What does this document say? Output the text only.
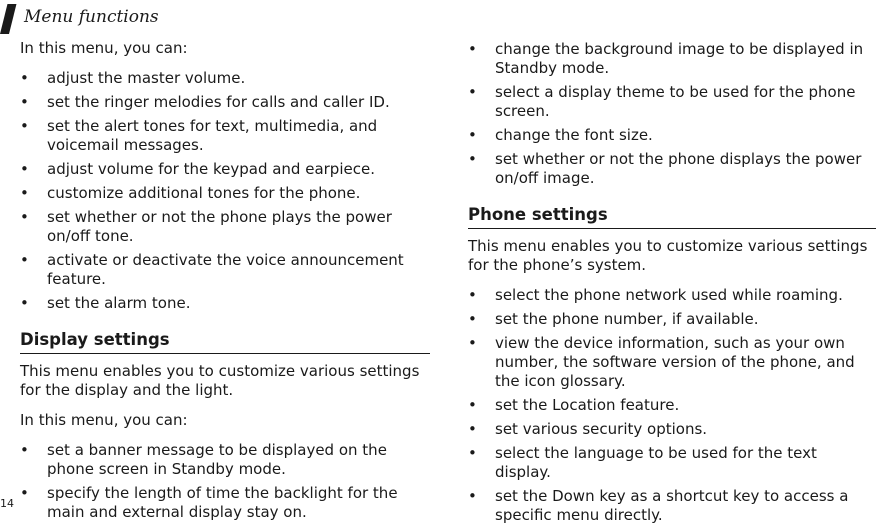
Menu functions

In this menu, you can:

•	adjust the master volume.
•	set the ringer melodies for calls and caller ID.
•	set the alert tones for text, multimedia, and voicemail messages.
•	adjust volume for the keypad and earpiece.
•	customize additional tones for the phone.
•	set whether or not the phone plays the power on/off tone.
•	activate or deactivate the voice announcement feature.
•	set the alarm tone.
Display settings

This menu enables you to customize various settings for the display and the light.

In this menu, you can:

•	set a banner message to be displayed on the phone screen in Standby mode.
•	specify the length of time the backlight for the main and external display stay on.
•	change the background image to be displayed in Standby mode.
•	select a display theme to be used for the phone screen.
•	change the font size.
•	set whether or not the phone displays the power on/off image.
Phone settings

This menu enables you to customize various settings for the phone’s system.

•	select the phone network used while roaming.
•	set the phone number, if available.
•	view the device information, such as your own number, the software version of the phone, and the icon glossary.
•	set the Location feature.
•	set various security options.
•	select the language to be used for the text display.
•	set the Down key as a shortcut key to access a specific menu directly.
14
